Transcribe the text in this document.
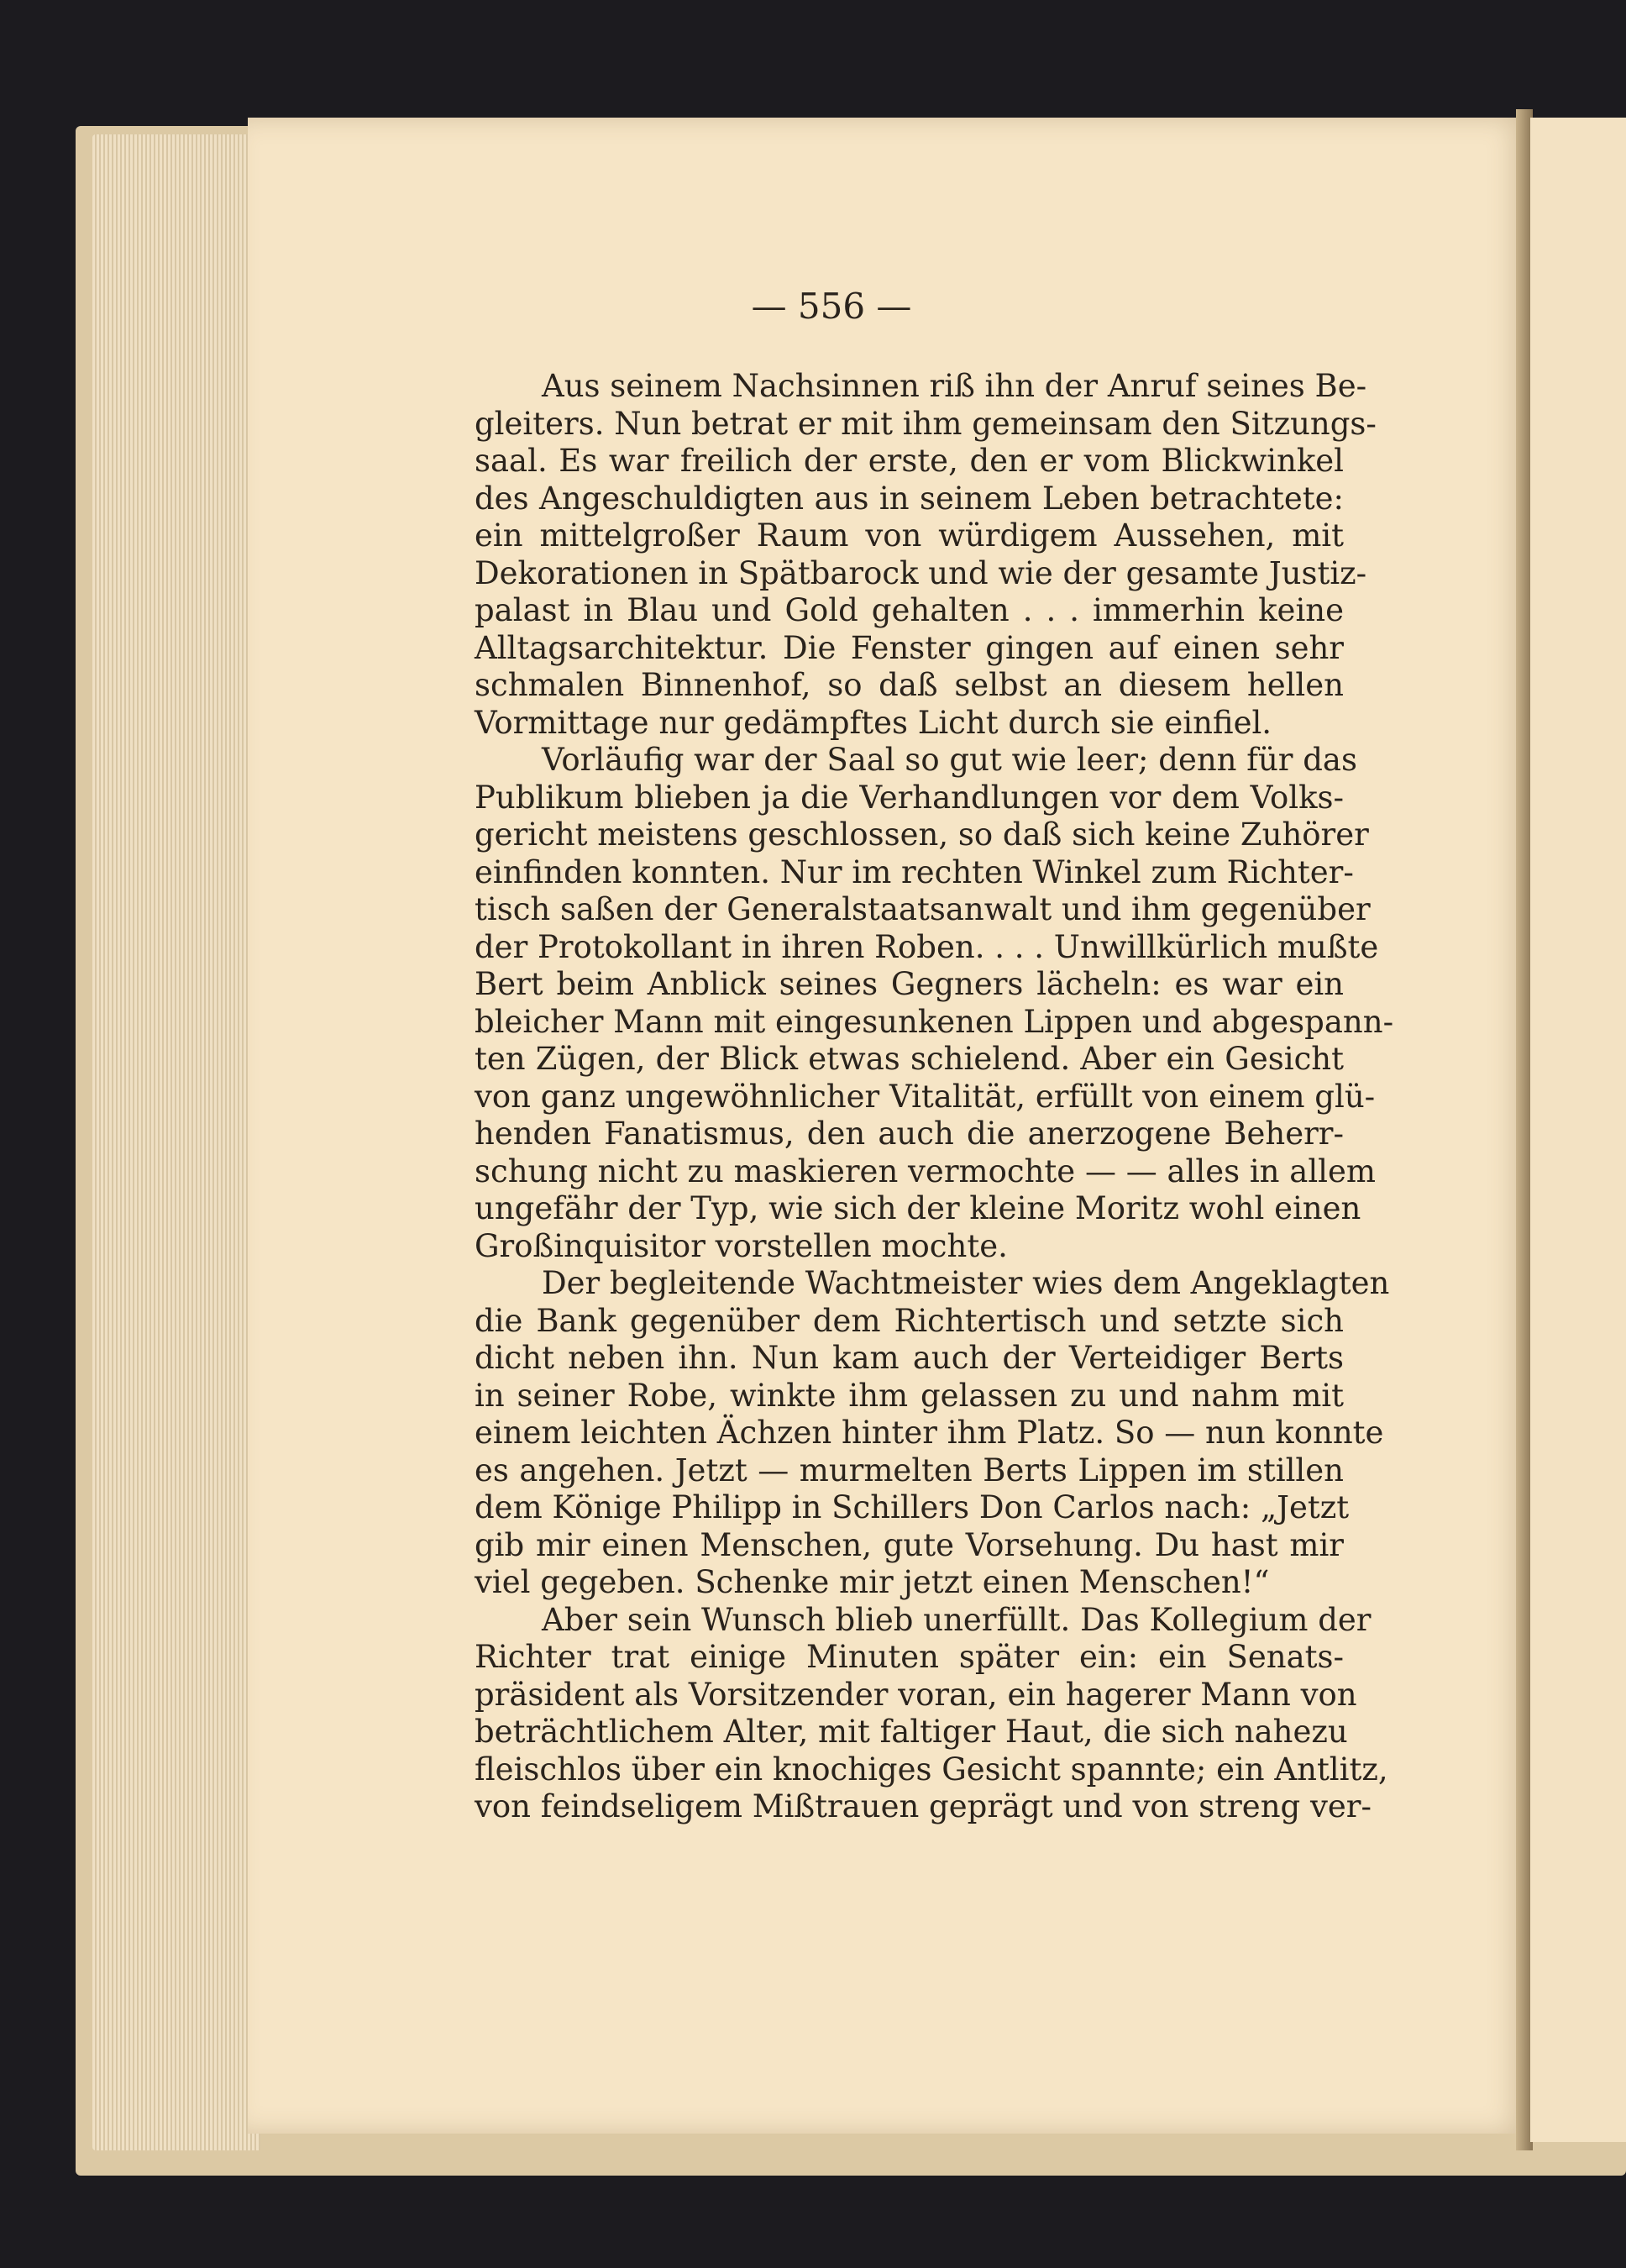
— 556 —

Aus seinem Nachsinnen riß ihn der Anruf seines Be-
gleiters. Nun betrat er mit ihm gemeinsam den Sitzungs-
saal. Es war freilich der erste, den er vom Blickwinkel
des Angeschuldigten aus in seinem Leben betrachtete:
ein mittelgroßer Raum von würdigem Aussehen, mit
Dekorationen in Spätbarock und wie der gesamte Justiz-
palast in Blau und Gold gehalten . . . immerhin keine
Alltagsarchitektur. Die Fenster gingen auf einen sehr
schmalen Binnenhof, so daß selbst an diesem hellen
Vormittage nur gedämpftes Licht durch sie einfiel.

Vorläufig war der Saal so gut wie leer; denn für das
Publikum blieben ja die Verhandlungen vor dem Volks-
gericht meistens geschlossen, so daß sich keine Zuhörer
einfinden konnten. Nur im rechten Winkel zum Richter-
tisch saßen der Generalstaatsanwalt und ihm gegenüber
der Protokollant in ihren Roben. . . . Unwillkürlich mußte
Bert beim Anblick seines Gegners lächeln: es war ein
bleicher Mann mit eingesunkenen Lippen und abgespann-
ten Zügen, der Blick etwas schielend. Aber ein Gesicht
von ganz ungewöhnlicher Vitalität, erfüllt von einem glü-
henden Fanatismus, den auch die anerzogene Beherr-
schung nicht zu maskieren vermochte — — alles in allem
ungefähr der Typ, wie sich der kleine Moritz wohl einen
Großinquisitor vorstellen mochte.

Der begleitende Wachtmeister wies dem Angeklagten
die Bank gegenüber dem Richtertisch und setzte sich
dicht neben ihn. Nun kam auch der Verteidiger Berts
in seiner Robe, winkte ihm gelassen zu und nahm mit
einem leichten Ächzen hinter ihm Platz. So — nun konnte
es angehen. Jetzt — murmelten Berts Lippen im stillen
dem Könige Philipp in Schillers Don Carlos nach: „Jetzt
gib mir einen Menschen, gute Vorsehung. Du hast mir
viel gegeben. Schenke mir jetzt einen Menschen!“

Aber sein Wunsch blieb unerfüllt. Das Kollegium der
Richter trat einige Minuten später ein: ein Senats-
präsident als Vorsitzender voran, ein hagerer Mann von
beträchtlichem Alter, mit faltiger Haut, die sich nahezu
fleischlos über ein knochiges Gesicht spannte; ein Antlitz,
von feindseligem Mißtrauen geprägt und von streng ver-
